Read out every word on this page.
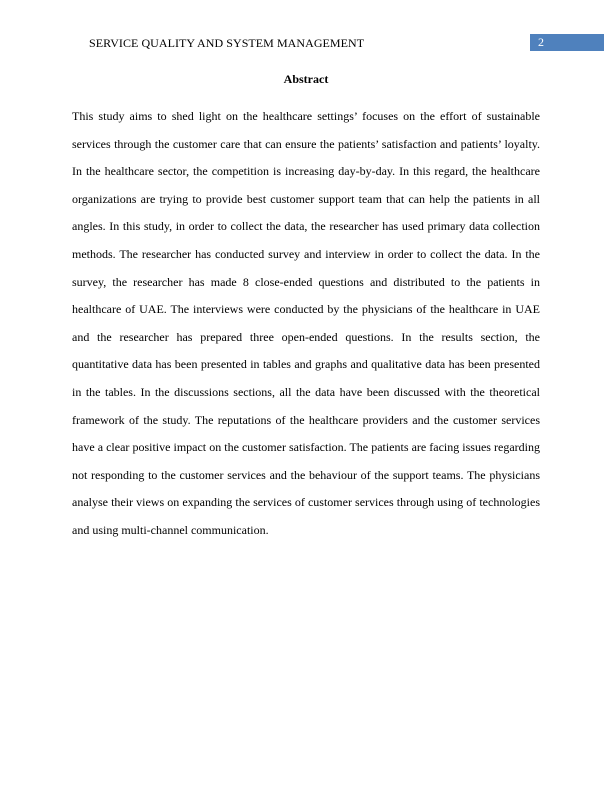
SERVICE QUALITY AND SYSTEM MANAGEMENT	2
Abstract

This study aims to shed light on the healthcare settings’ focuses on the effort of sustainable services through the customer care that can ensure the patients’ satisfaction and patients’ loyalty. In the healthcare sector, the competition is increasing day-by-day. In this regard, the healthcare organizations are trying to provide best customer support team that can help the patients in all angles. In this study, in order to collect the data, the researcher has used primary data collection methods. The researcher has conducted survey and interview in order to collect the data. In the survey, the researcher has made 8 close-ended questions and distributed to the patients in healthcare of UAE. The interviews were conducted by the physicians of the healthcare in UAE and the researcher has prepared three open-ended questions. In the results section, the quantitative data has been presented in tables and graphs and qualitative data has been presented in the tables. In the discussions sections, all the data have been discussed with the theoretical framework of the study. The reputations of the healthcare providers and the customer services have a clear positive impact on the customer satisfaction. The patients are facing issues regarding not responding to the customer services and the behaviour of the support teams. The physicians analyse their views on expanding the services of customer services through using of technologies and using multi-channel communication.
